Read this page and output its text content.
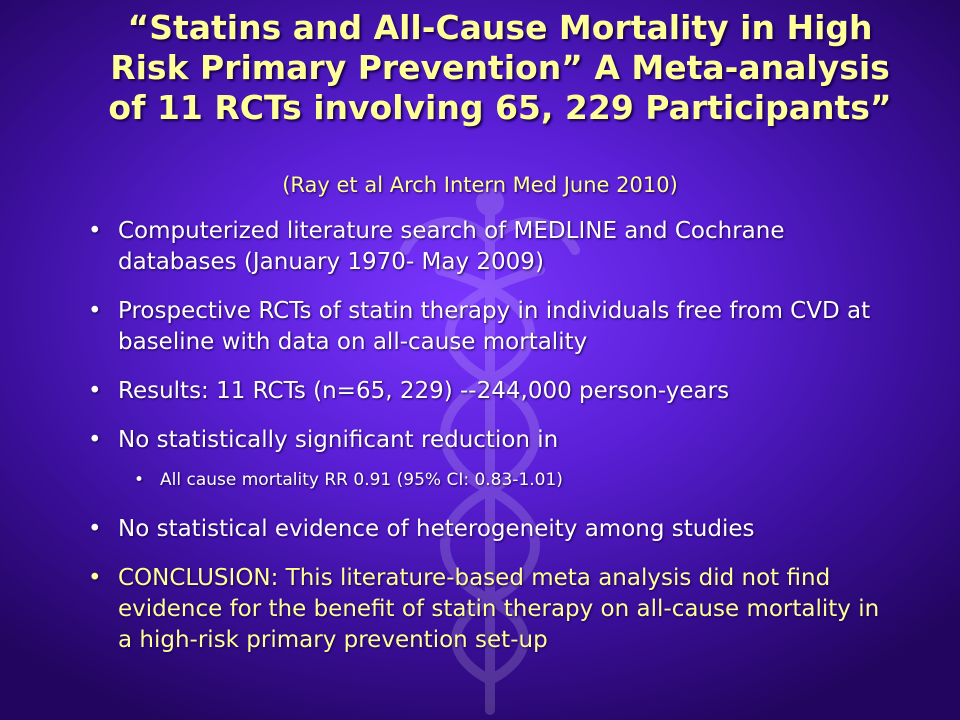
“Statins and All-Cause Mortality in High Risk Primary Prevention” A Meta-analysis of 11 RCTs involving 65, 229 Participants”
(Ray et al Arch Intern Med June 2010)
• Computerized literature search of MEDLINE and Cochrane databases (January 1970- May 2009)
• Prospective RCTs of statin therapy in individuals free from CVD at baseline with data on all-cause mortality
• Results: 11 RCTs (n=65, 229) --244,000 person-years
• No statistically significant reduction in
• All cause mortality RR 0.91 (95% CI: 0.83-1.01)
• No statistical evidence of heterogeneity among studies
• CONCLUSION: This literature-based meta analysis did not find evidence for the benefit of statin therapy on all-cause mortality in a high-risk primary prevention set-up
